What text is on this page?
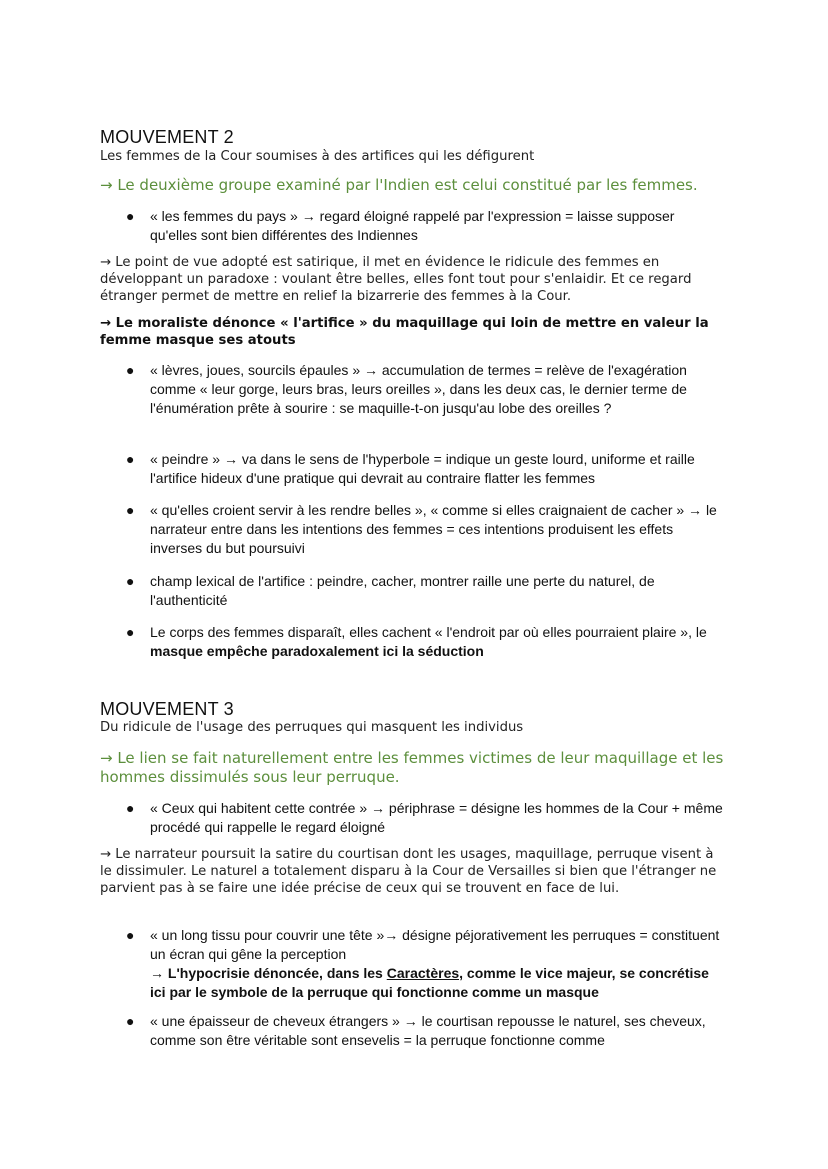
MOUVEMENT 2
Les femmes de la Cour soumises à des artifices qui les défigurent
→ Le deuxième groupe examiné par l'Indien est celui constitué par les femmes.
● « les femmes du pays » → regard éloigné rappelé par l'expression = laisse supposer qu'elles sont bien différentes des Indiennes
→ Le point de vue adopté est satirique, il met en évidence le ridicule des femmes en développant un paradoxe : voulant être belles, elles font tout pour s'enlaidir. Et ce regard étranger permet de mettre en relief la bizarrerie des femmes à la Cour.
→ Le moraliste dénonce « l'artifice » du maquillage qui loin de mettre en valeur la femme masque ses atouts
● « lèvres, joues, sourcils épaules » → accumulation de termes = relève de l'exagération comme « leur gorge, leurs bras, leurs oreilles », dans les deux cas, le dernier terme de l'énumération prête à sourire : se maquille-t-on jusqu'au lobe des oreilles ?
● « peindre » → va dans le sens de l'hyperbole = indique un geste lourd, uniforme et raille l'artifice hideux d'une pratique qui devrait au contraire flatter les femmes
● « qu'elles croient servir à les rendre belles », « comme si elles craignaient de cacher » → le narrateur entre dans les intentions des femmes = ces intentions produisent les effets inverses du but poursuivi
● champ lexical de l'artifice : peindre, cacher, montrer raille une perte du naturel, de l'authenticité
● Le corps des femmes disparaît, elles cachent « l'endroit par où elles pourraient plaire », le masque empêche paradoxalement ici la séduction
MOUVEMENT 3
Du ridicule de l'usage des perruques qui masquent les individus
→ Le lien se fait naturellement entre les femmes victimes de leur maquillage et les hommes dissimulés sous leur perruque.
● « Ceux qui habitent cette contrée » → périphrase = désigne les hommes de la Cour + même procédé qui rappelle le regard éloigné
→ Le narrateur poursuit la satire du courtisan dont les usages, maquillage, perruque visent à le dissimuler. Le naturel a totalement disparu à la Cour de Versailles si bien que l'étranger ne parvient pas à se faire une idée précise de ceux qui se trouvent en face de lui.
● « un long tissu pour couvrir une tête »→ désigne péjorativement les perruques = constituent un écran qui gêne la perception
→ L'hypocrisie dénoncée, dans les Caractères, comme le vice majeur, se concrétise ici par le symbole de la perruque qui fonctionne comme un masque
● « une épaisseur de cheveux étrangers » → le courtisan repousse le naturel, ses cheveux, comme son être véritable sont ensevelis = la perruque fonctionne comme
